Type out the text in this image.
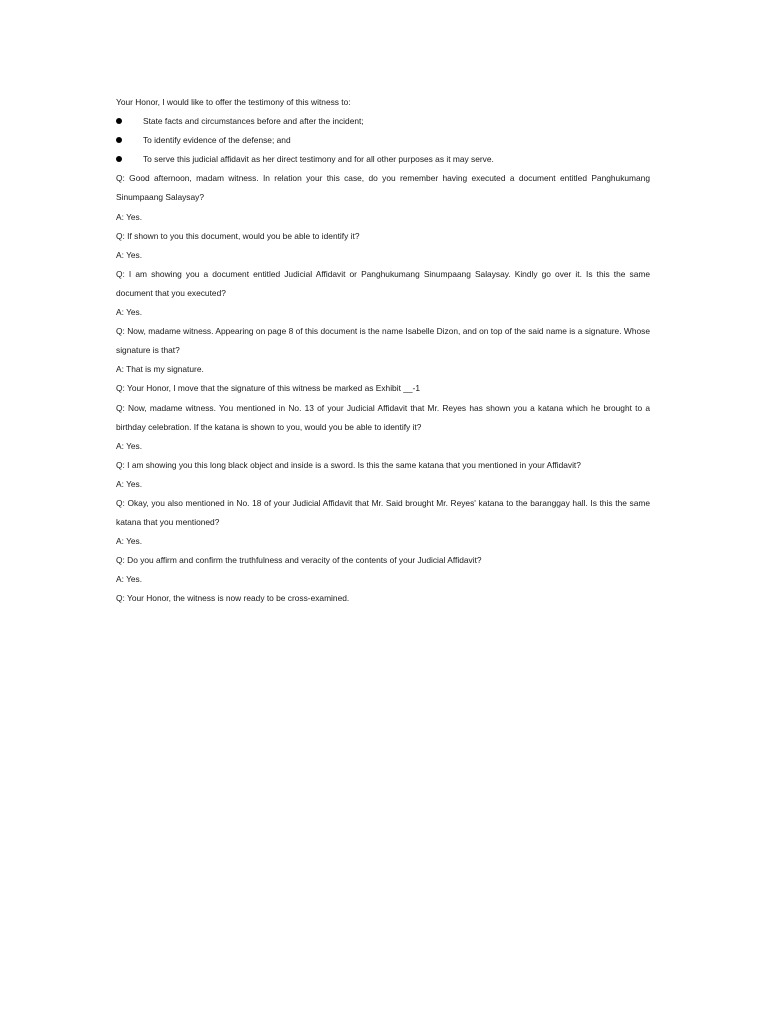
Your Honor, I would like to offer the testimony of this witness to:

State facts and circumstances before and after the incident;
To identify evidence of the defense; and
To serve this judicial affidavit as her direct testimony and for all other purposes as it may serve.

Q: Good afternoon, madam witness. In relation your this case, do you remember having executed a document entitled Panghukumang Sinumpaang Salaysay?

A: Yes.

Q: If shown to you this document, would you be able to identify it?

A: Yes.

Q: I am showing you a document entitled Judicial Affidavit or Panghukumang Sinumpaang Salaysay. Kindly go over it. Is this the same document that you executed?

A: Yes.

Q: Now, madame witness. Appearing on page 8 of this document is the name Isabelle Dizon, and on top of the said name is a signature. Whose signature is that?

A: That is my signature.

Q: Your Honor, I move that the signature of this witness be marked as Exhibit __-1

Q: Now, madame witness. You mentioned in No. 13 of your Judicial Affidavit that Mr. Reyes has shown you a katana which he brought to a birthday celebration. If the katana is shown to you, would you be able to identify it?

A: Yes.

Q: I am showing you this long black object and inside is a sword. Is this the same katana that you mentioned in your Affidavit?

A: Yes.

Q: Okay, you also mentioned in No. 18 of your Judicial Affidavit that Mr. Said brought Mr. Reyes' katana to the baranggay hall. Is this the same katana that you mentioned?

A: Yes.

Q: Do you affirm and confirm the truthfulness and veracity of the contents of your Judicial Affidavit?

A: Yes.

Q: Your Honor, the witness is now ready to be cross-examined.
